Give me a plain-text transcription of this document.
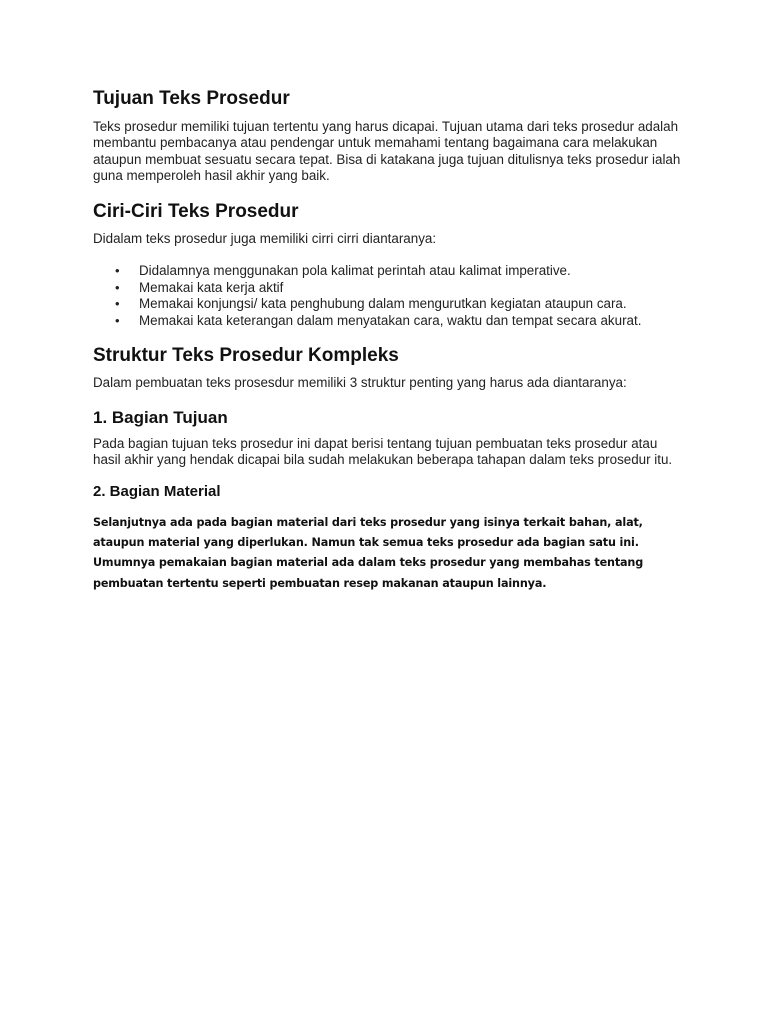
Tujuan Teks Prosedur

Teks prosedur memiliki tujuan tertentu yang harus dicapai. Tujuan utama dari teks prosedur adalah membantu pembacanya atau pendengar untuk memahami tentang bagaimana cara melakukan ataupun membuat sesuatu secara tepat. Bisa di katakana juga tujuan ditulisnya teks prosedur ialah guna memperoleh hasil akhir yang baik.

Ciri-Ciri Teks Prosedur

Didalam teks prosedur juga memiliki cirri cirri diantaranya:

• Didalamnya menggunakan pola kalimat perintah atau kalimat imperative.
• Memakai kata kerja aktif
• Memakai konjungsi/ kata penghubung dalam mengurutkan kegiatan ataupun cara.
• Memakai kata keterangan dalam menyatakan cara, waktu dan tempat secara akurat.
Struktur Teks Prosedur Kompleks

Dalam pembuatan teks prosesdur memiliki 3 struktur penting yang harus ada diantaranya:

1. Bagian Tujuan

Pada bagian tujuan teks prosedur ini dapat berisi tentang tujuan pembuatan teks prosedur atau hasil akhir yang hendak dicapai bila sudah melakukan beberapa tahapan dalam teks prosedur itu.

2. Bagian Material

Selanjutnya ada pada bagian material dari teks prosedur yang isinya terkait bahan, alat, ataupun material yang diperlukan. Namun tak semua teks prosedur ada bagian satu ini. Umumnya pemakaian bagian material ada dalam teks prosedur yang membahas tentang pembuatan tertentu seperti pembuatan resep makanan ataupun lainnya.
